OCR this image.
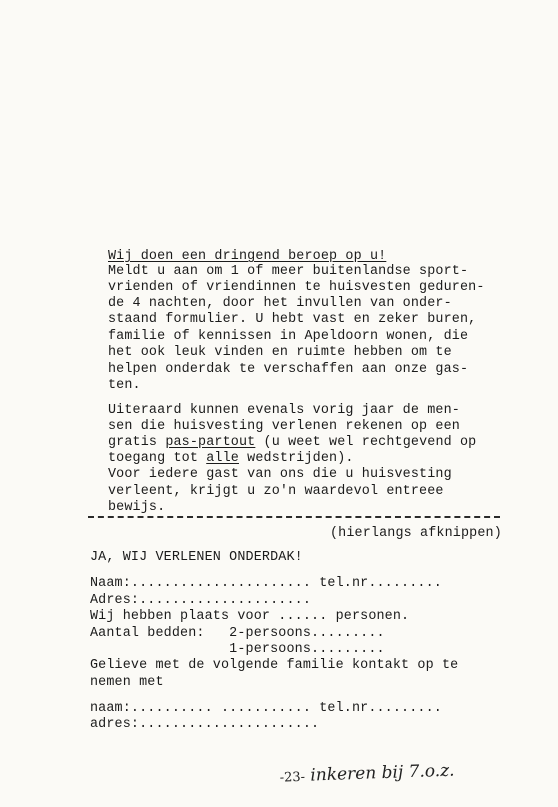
Wij doen een dringend beroep op u!
Meldt u aan om 1 of meer buitenlandse sport-
vrienden of vriendinnen te huisvesten geduren-
de 4 nachten, door het invullen van onder-
staand formulier. U hebt vast en zeker buren,
familie of kennissen in Apeldoorn wonen, die
het ook leuk vinden en ruimte hebben om te
helpen onderdak te verschaffen aan onze gas-
ten.
Uiteraard kunnen evenals vorig jaar de men-
sen die huisvesting verlenen rekenen op een
gratis pas-partout (u weet wel rechtgevend op
toegang tot alle wedstrijden).
Voor iedere gast van ons die u huisvesting
verleent, krijgt u zo'n waardevol entreee
bewijs.
(hierlangs afknippen)
JA, WIJ VERLENEN ONDERDAK!
Naam:...................... tel.nr.........
Adres:.....................
Wij hebben plaats voor ...... personen.
Aantal bedden:   2-persoons.........
1-persoons.........
Gelieve met de volgende familie kontakt op te
nemen met
naam:.......... ........... tel.nr.........
adres:......................

-23- inkeren bij 7.o.z.
